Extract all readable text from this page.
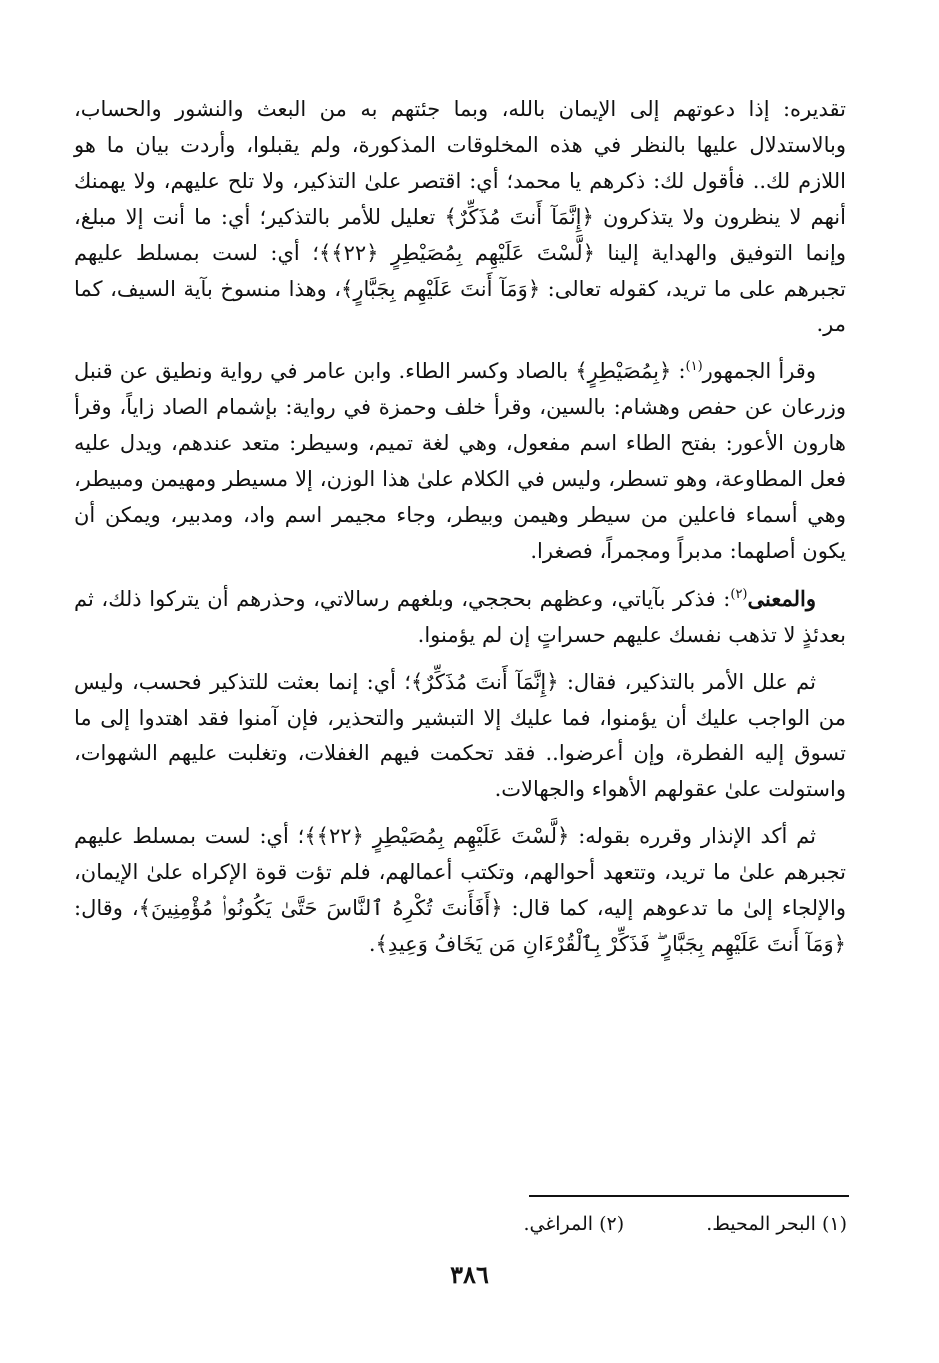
تقديره: إذا دعوتهم إلى الإيمان بالله، وبما جئتهم به من البعث والنشور والحساب، وبالاستدلال عليها بالنظر في هذه المخلوقات المذكورة، ولم يقبلوا، وأردت بيان ما هو اللازم لك.. فأقول لك: ذكرهم يا محمد؛ أي: اقتصر علىٰ التذكير، ولا تلح عليهم، ولا يهمنك أنهم لا ينظرون ولا يتذكرون ﴿إِنَّمَآ أَنتَ مُذَكِّرٌ﴾ تعليل للأمر بالتذكير؛ أي: ما أنت إلا مبلغ، وإنما التوفيق والهداية إلينا ﴿لَّسْتَ عَلَيْهِم بِمُصَيْطِرٍ ﴿٢٢﴾﴾؛ أي: لست بمسلط عليهم تجبرهم على ما تريد، كقوله تعالى: ﴿وَمَآ أَنتَ عَلَيْهِم بِجَبَّارٍ﴾، وهذا منسوخ بآية السيف، كما مر.

وقرأ الجمهور$^{(١)}$: ﴿بِمُصَيْطِرٍ﴾ بالصاد وكسر الطاء. وابن عامر في رواية ونطيق عن قنبل وزرعان عن حفص وهشام: بالسين، وقرأ خلف وحمزة في رواية: بإشمام الصاد زاياً، وقرأ هارون الأعور: بفتح الطاء اسم مفعول، وهي لغة تميم، وسيطر: متعد عندهم، ويدل عليه فعل المطاوعة، وهو تسطر، وليس في الكلام علىٰ هذا الوزن، إلا مسيطر ومهيمن ومبيطر، وهي أسماء فاعلين من سيطر وهيمن وبيطر، وجاء مجيمر اسم واد، ومدبير، ويمكن أن يكون أصلهما: مدبراً ومجمراً، فصغرا.

والمعنى$^{(٢)}$: فذكر بآياتي، وعظهم بحججي، وبلغهم رسالاتي، وحذرهم أن يتركوا ذلك، ثم بعدئذٍ لا تذهب نفسك عليهم حسراتٍ إن لم يؤمنوا.

ثم علل الأمر بالتذكير، فقال: ﴿إِنَّمَآ أَنتَ مُذَكِّرٌ﴾؛ أي: إنما بعثت للتذكير فحسب، وليس من الواجب عليك أن يؤمنوا، فما عليك إلا التبشير والتحذير، فإن آمنوا فقد اهتدوا إلى ما تسوق إليه الفطرة، وإن أعرضوا.. فقد تحكمت فيهم الغفلات، وتغلبت عليهم الشهوات، واستولت علىٰ عقولهم الأهواء والجهالات.

ثم أكد الإنذار وقرره بقوله: ﴿لَّسْتَ عَلَيْهِم بِمُصَيْطِرٍ ﴿٢٢﴾﴾؛ أي: لست بمسلط عليهم تجبرهم علىٰ ما تريد، وتتعهد أحوالهم، وتكتب أعمالهم، فلم تؤت قوة الإكراه علىٰ الإيمان، والإلجاء إلىٰ ما تدعوهم إليه، كما قال: ﴿أَفَأَنتَ تُكْرِهُ ٱلنَّاسَ حَتَّىٰ يَكُونُوا۟ مُؤْمِنِينَ﴾، وقال: ﴿وَمَآ أَنتَ عَلَيْهِم بِجَبَّارٍ ۖ فَذَكِّرْ بِٱلْقُرْءَانِ مَن يَخَافُ وَعِيدِ﴾.

(١) البحر المحيط.
(٢) المراغي.
٣٨٦
